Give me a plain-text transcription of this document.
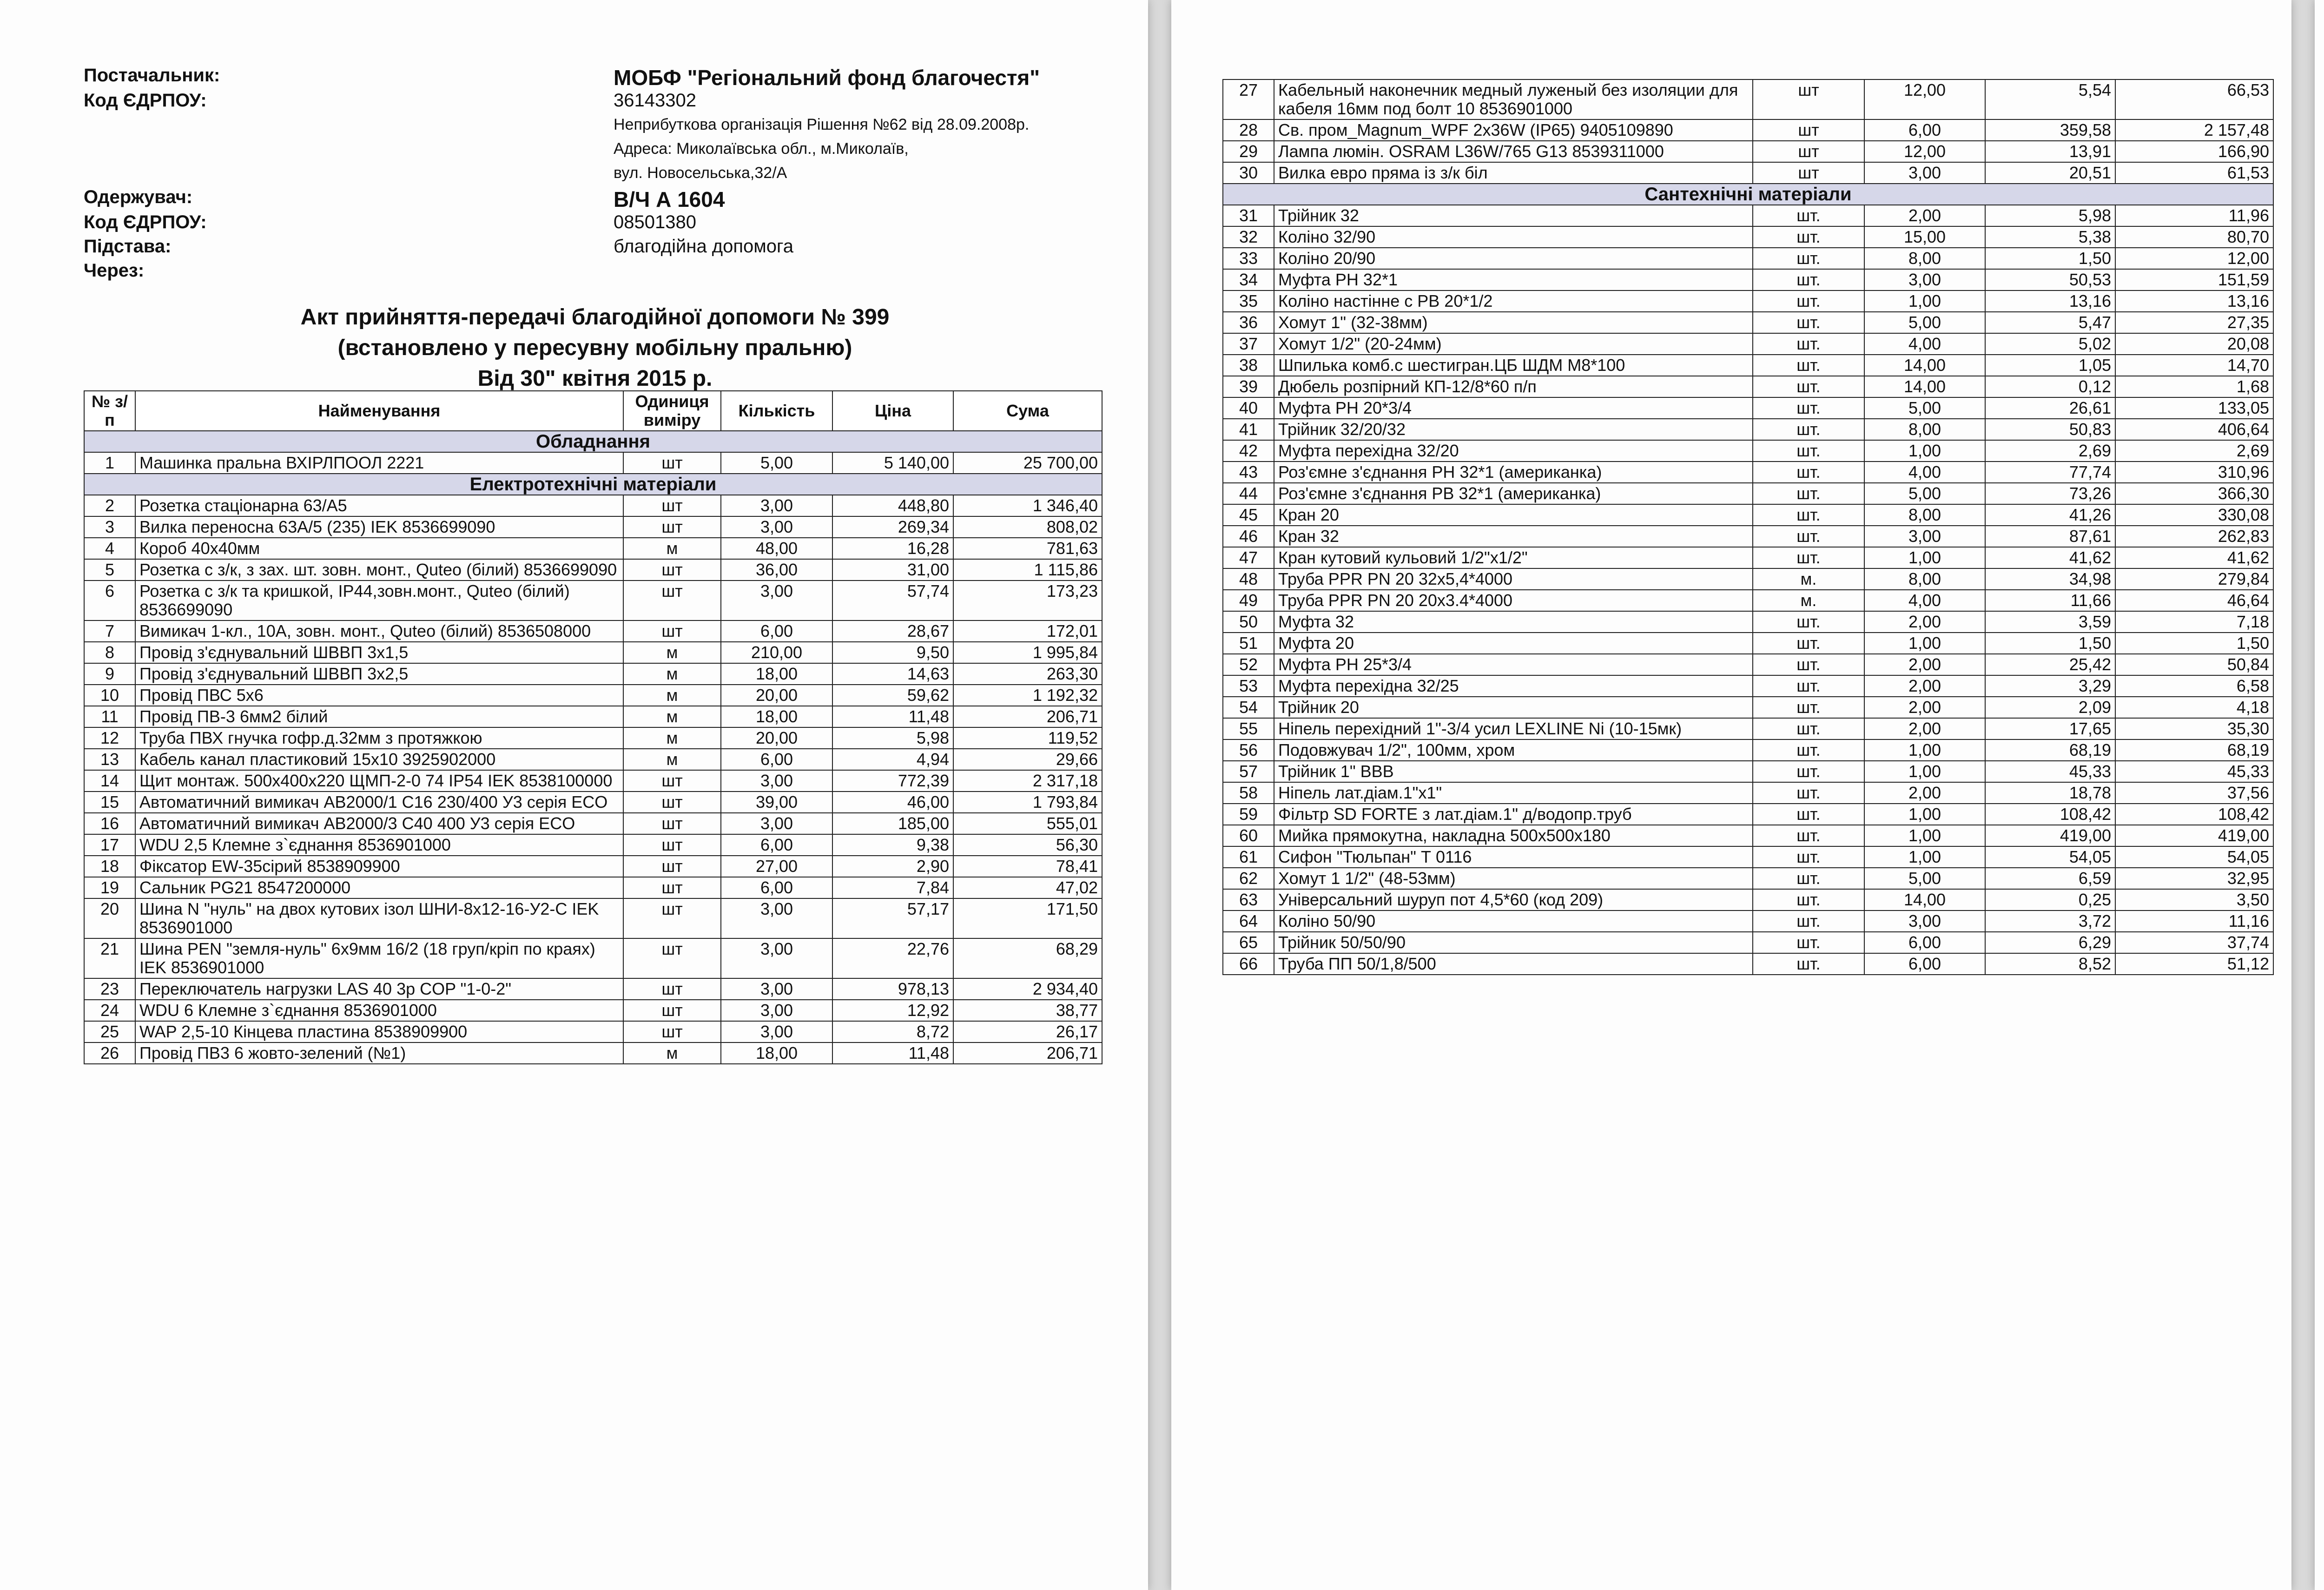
Постачальник:	МОБФ "Регіональний фонд благочестя"
Код ЄДРПОУ:	36143302
Неприбуткова організація Рішення №62 від 28.09.2008р.
Адреса: Миколаївська обл., м.Миколаїв,
вул. Новосельська,32/А
Одержувач:	В/Ч А 1604
Код ЄДРПОУ:	08501380
Підстава:	благодійна допомога
Через:
Акт прийняття-передачі благодійної допомоги № 399
(встановлено у пересувну мобільну пральню)
Від 30" квітня 2015 р.
№ з/п	Найменування	Одиниця виміру	Кількість	Ціна	Сума
Обладнання					
1	Машинка пральна ВХІРЛПООЛ 2221	шт	5,00	5 140,00	25 700,00
Електротехнічні матеріали					
2	Розетка стаціонарна 63/А5	шт	3,00	448,80	1 346,40
3	Вилка переносна 63А/5 (235) IEK 8536699090	шт	3,00	269,34	808,02
4	Короб 40х40мм	м	48,00	16,28	781,63
5	Розетка с з/к, з зах. шт. зовн. монт., Quteo (білий) 8536699090	шт	36,00	31,00	1 115,86
6	Розетка с з/к та кришкой, IP44,зовн.монт., Quteo (білий) 8536699090	шт	3,00	57,74	173,23
7	Вимикач 1-кл., 10А, зовн. монт., Quteo (білий) 8536508000	шт	6,00	28,67	172,01
8	Провід з'єднувальний ШВВП 3х1,5	м	210,00	9,50	1 995,84
9	Провід з'єднувальний ШВВП 3х2,5	м	18,00	14,63	263,30
10	Провід ПВС 5х6	м	20,00	59,62	1 192,32
11	Провід ПВ-3 6мм2 білий	м	18,00	11,48	206,71
12	Труба ПВХ гнучка гофр.д.32мм з протяжкою	м	20,00	5,98	119,52
13	Кабель канал пластиковий 15х10 3925902000	м	6,00	4,94	29,66
14	Щит монтаж. 500х400х220 ЩМП-2-0 74 IP54 IEK 8538100000	шт	3,00	772,39	2 317,18
15	Автоматичний вимикач АВ2000/1 С16 230/400 У3 серія ECO	шт	39,00	46,00	1 793,84
16	Автоматичний вимикач АВ2000/3 С40 400 У3 серія ECO	шт	3,00	185,00	555,01
17	WDU 2,5 Клемне з`єднання 8536901000	шт	6,00	9,38	56,30
18	Фіксатор EW-35сірий 8538909900	шт	27,00	2,90	78,41
19	Сальник PG21 8547200000	шт	6,00	7,84	47,02
20	Шина N "нуль" на двох кутових ізол ШНИ-8х12-16-У2-С IEK 8536901000	шт	3,00	57,17	171,50
21	Шина PEN "земля-нуль" 6х9мм 16/2 (18 груп/кріп по краях) IEK 8536901000	шт	3,00	22,76	68,29
23	Переключатель нагрузки LAS 40 3р COP "1-0-2"	шт	3,00	978,13	2 934,40
24	WDU 6 Клемне з`єднання 8536901000	шт	3,00	12,92	38,77
25	WAP 2,5-10 Кінцева пластина 8538909900	шт	3,00	8,72	26,17
26	Провід ПВ3 6 жовто-зелений (№1)	м	18,00	11,48	206,71
27	Кабельный наконечник медный луженый без изоляции для кабеля 16мм под болт 10 8536901000	шт	12,00	5,54	66,53
28	Св. пром_Magnum_WPF 2х36W (IP65) 9405109890	шт	6,00	359,58	2 157,48
29	Лампа люмін. OSRAM L36W/765 G13 8539311000	шт	12,00	13,91	166,90
30	Вилка евро пряма із з/к біл	шт	3,00	20,51	61,53
Сантехнічні матеріали					
31	Трійник 32	шт.	2,00	5,98	11,96
32	Коліно 32/90	шт.	15,00	5,38	80,70
33	Коліно 20/90	шт.	8,00	1,50	12,00
34	Муфта РН 32*1	шт.	3,00	50,53	151,59
35	Коліно настінне с РВ 20*1/2	шт.	1,00	13,16	13,16
36	Хомут 1" (32-38мм)	шт.	5,00	5,47	27,35
37	Хомут 1/2" (20-24мм)	шт.	4,00	5,02	20,08
38	Шпилька комб.с шестигран.ЦБ ШДМ М8*100	шт.	14,00	1,05	14,70
39	Дюбель розпірний КП-12/8*60 п/п	шт.	14,00	0,12	1,68
40	Муфта РН 20*3/4	шт.	5,00	26,61	133,05
41	Трійник 32/20/32	шт.	8,00	50,83	406,64
42	Муфта перехідна 32/20	шт.	1,00	2,69	2,69
43	Роз'ємне з'єднання РН 32*1 (американка)	шт.	4,00	77,74	310,96
44	Роз'ємне з'єднання РВ 32*1 (американка)	шт.	5,00	73,26	366,30
45	Кран 20	шт.	8,00	41,26	330,08
46	Кран 32	шт.	3,00	87,61	262,83
47	Кран кутовий кульовий 1/2"х1/2"	шт.	1,00	41,62	41,62
48	Труба PPR PN 20 32х5,4*4000	м.	8,00	34,98	279,84
49	Труба PPR PN 20 20х3.4*4000	м.	4,00	11,66	46,64
50	Муфта 32	шт.	2,00	3,59	7,18
51	Муфта 20	шт.	1,00	1,50	1,50
52	Муфта РН 25*3/4	шт.	2,00	25,42	50,84
53	Муфта перехідна 32/25	шт.	2,00	3,29	6,58
54	Трійник 20	шт.	2,00	2,09	4,18
55	Ніпель перехідний 1"-3/4 усил LEXLINE Ni (10-15мк)	шт.	2,00	17,65	35,30
56	Подовжувач 1/2", 100мм, хром	шт.	1,00	68,19	68,19
57	Трійник 1" ВВВ	шт.	1,00	45,33	45,33
58	Ніпель лат.діам.1"х1"	шт.	2,00	18,78	37,56
59	Фільтр SD FORTE з лат.діам.1" д/водопр.труб	шт.	1,00	108,42	108,42
60	Мийка прямокутна, накладна 500х500х180	шт.	1,00	419,00	419,00
61	Сифон "Тюльпан" Т 0116	шт.	1,00	54,05	54,05
62	Хомут 1 1/2" (48-53мм)	шт.	5,00	6,59	32,95
63	Універсальний шуруп пот 4,5*60 (код 209)	шт.	14,00	0,25	3,50
64	Коліно 50/90	шт.	3,00	3,72	11,16
65	Трійник 50/50/90	шт.	6,00	6,29	37,74
66	Труба ПП 50/1,8/500	шт.	6,00	8,52	51,12
